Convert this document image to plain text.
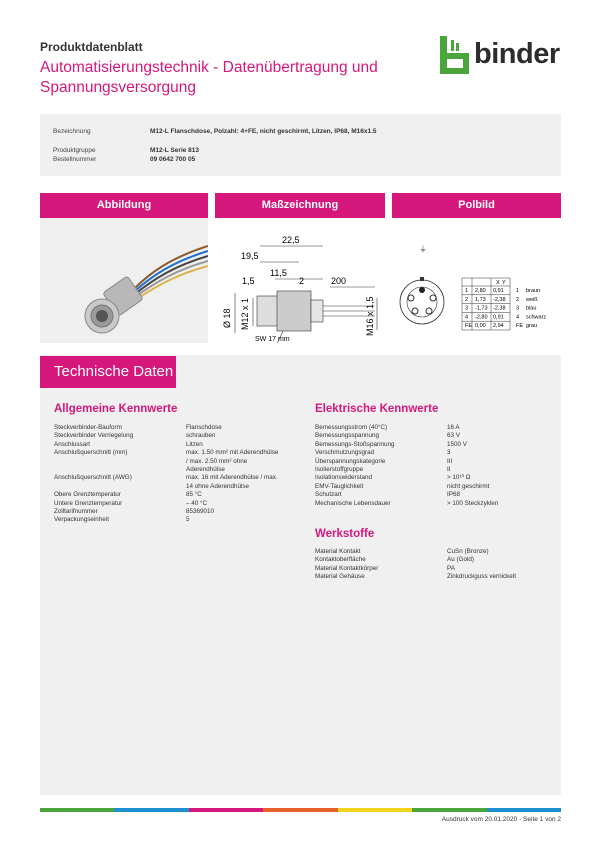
Produktdatenblatt
Automatisierungstechnik - Datenübertragung und
Spannungsversorgung
binder
Bezeichnung	M12-L Flanschdose, Polzahl: 4+FE, nicht geschirmt, Litzen, IP68, M16x1.5
Produktgruppe	M12-L Serie 813
Bestellnummer	09 0642 700 05
Abbildung	Maßzeichnung
22,5
19,5
11,5
1,5	2	200
Ø 18 M12 x 1	M16 x 1,5
SW 17 mm
Polbild
⏚
X Y
1 2,80 0,91 1 braun
2 1,73 -2,38 2 weiß
3 -1,73 -2,38 3 blau
4 -2,80 0,91 4 schwarz
FE 0,00 2,94 FE grau
Technische Daten
Allgemeine Kennwerte
Steckverbinder-Bauform	Flanschdose
Steckverbinder Verriegelung	schrauben
Anschlussart	Litzen
Anschlußquerschnitt (mm)	max. 1.50 mm² mit Aderendhülse
/ max. 2.50 mm² ohne
Aderendhülse
Anschlußquerschnitt (AWG)	max. 16 mit Aderendhülse / max.
14 ohne Aderendhülse
Obere Grenztemperatur	85 °C
Untere Grenztemperatur	– 40 °C
Zolltarifnummer	85369010
Verpackungseinheit	5
Elektrische Kennwerte
Bemessungsstrom (40°C)	16 A
Bemessungsspannung	63 V
Bemessungs-Stoßspannung	1500 V
Verschmutzungsgrad	3
Überspannungskategorie	III
Isolierstoffgruppe	II
Isolationswiderstand	> 10¹⁰ Ω
EMV-Tauglichkeit	nicht geschirmt
Schutzart	IP68
Mechanische Lebensdauer	> 100 Steckzyklen
Werkstoffe
Material Kontakt	CuSn (Bronze)
Kontaktoberfläche	Au (Gold)
Material Kontaktkörper	PA
Material Gehäuse	Zinkdruckguss vernickelt
Ausdruck vom 20.01.2020 - Seite 1 von 2
